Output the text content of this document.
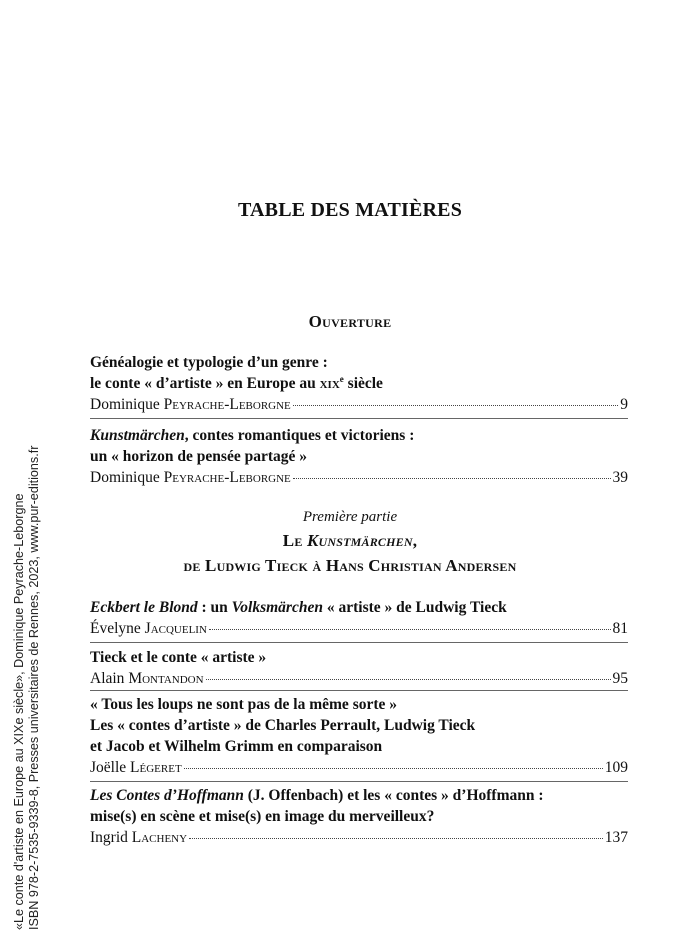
«Le conte d'artiste en Europe au XIXe siècle», Dominique Peyrache-Leborgne ISBN 978-2-7535-9339-8, Presses universitaires de Rennes, 2023, www.pur-editions.fr
TABLE DES MATIÈRES
Ouverture
Généalogie et typologie d’un genre :
le conte « d’artiste » en Europe au xix$^e$ siècle
Dominique Peyrache-Leborgne	9
Kunstmärchen, contes romantiques et victoriens :
un « horizon de pensée partagé »
Dominique Peyrache-Leborgne	39
Première partie
Le Kunstmärchen,
de Ludwig Tieck à Hans Christian Andersen
Eckbert le Blond : un Volksmärchen « artiste » de Ludwig Tieck
Évelyne Jacquelin	81
Tieck et le conte « artiste »
Alain Montandon	95
« Tous les loups ne sont pas de la même sorte »
Les « contes d’artiste » de Charles Perrault, Ludwig Tieck
et Jacob et Wilhelm Grimm en comparaison
Joëlle Légeret	109
Les Contes d’Hoffmann (J. Offenbach) et les « contes » d’Hoffmann :
mise(s) en scène et mise(s) en image du merveilleux?
Ingrid Lacheny	137
